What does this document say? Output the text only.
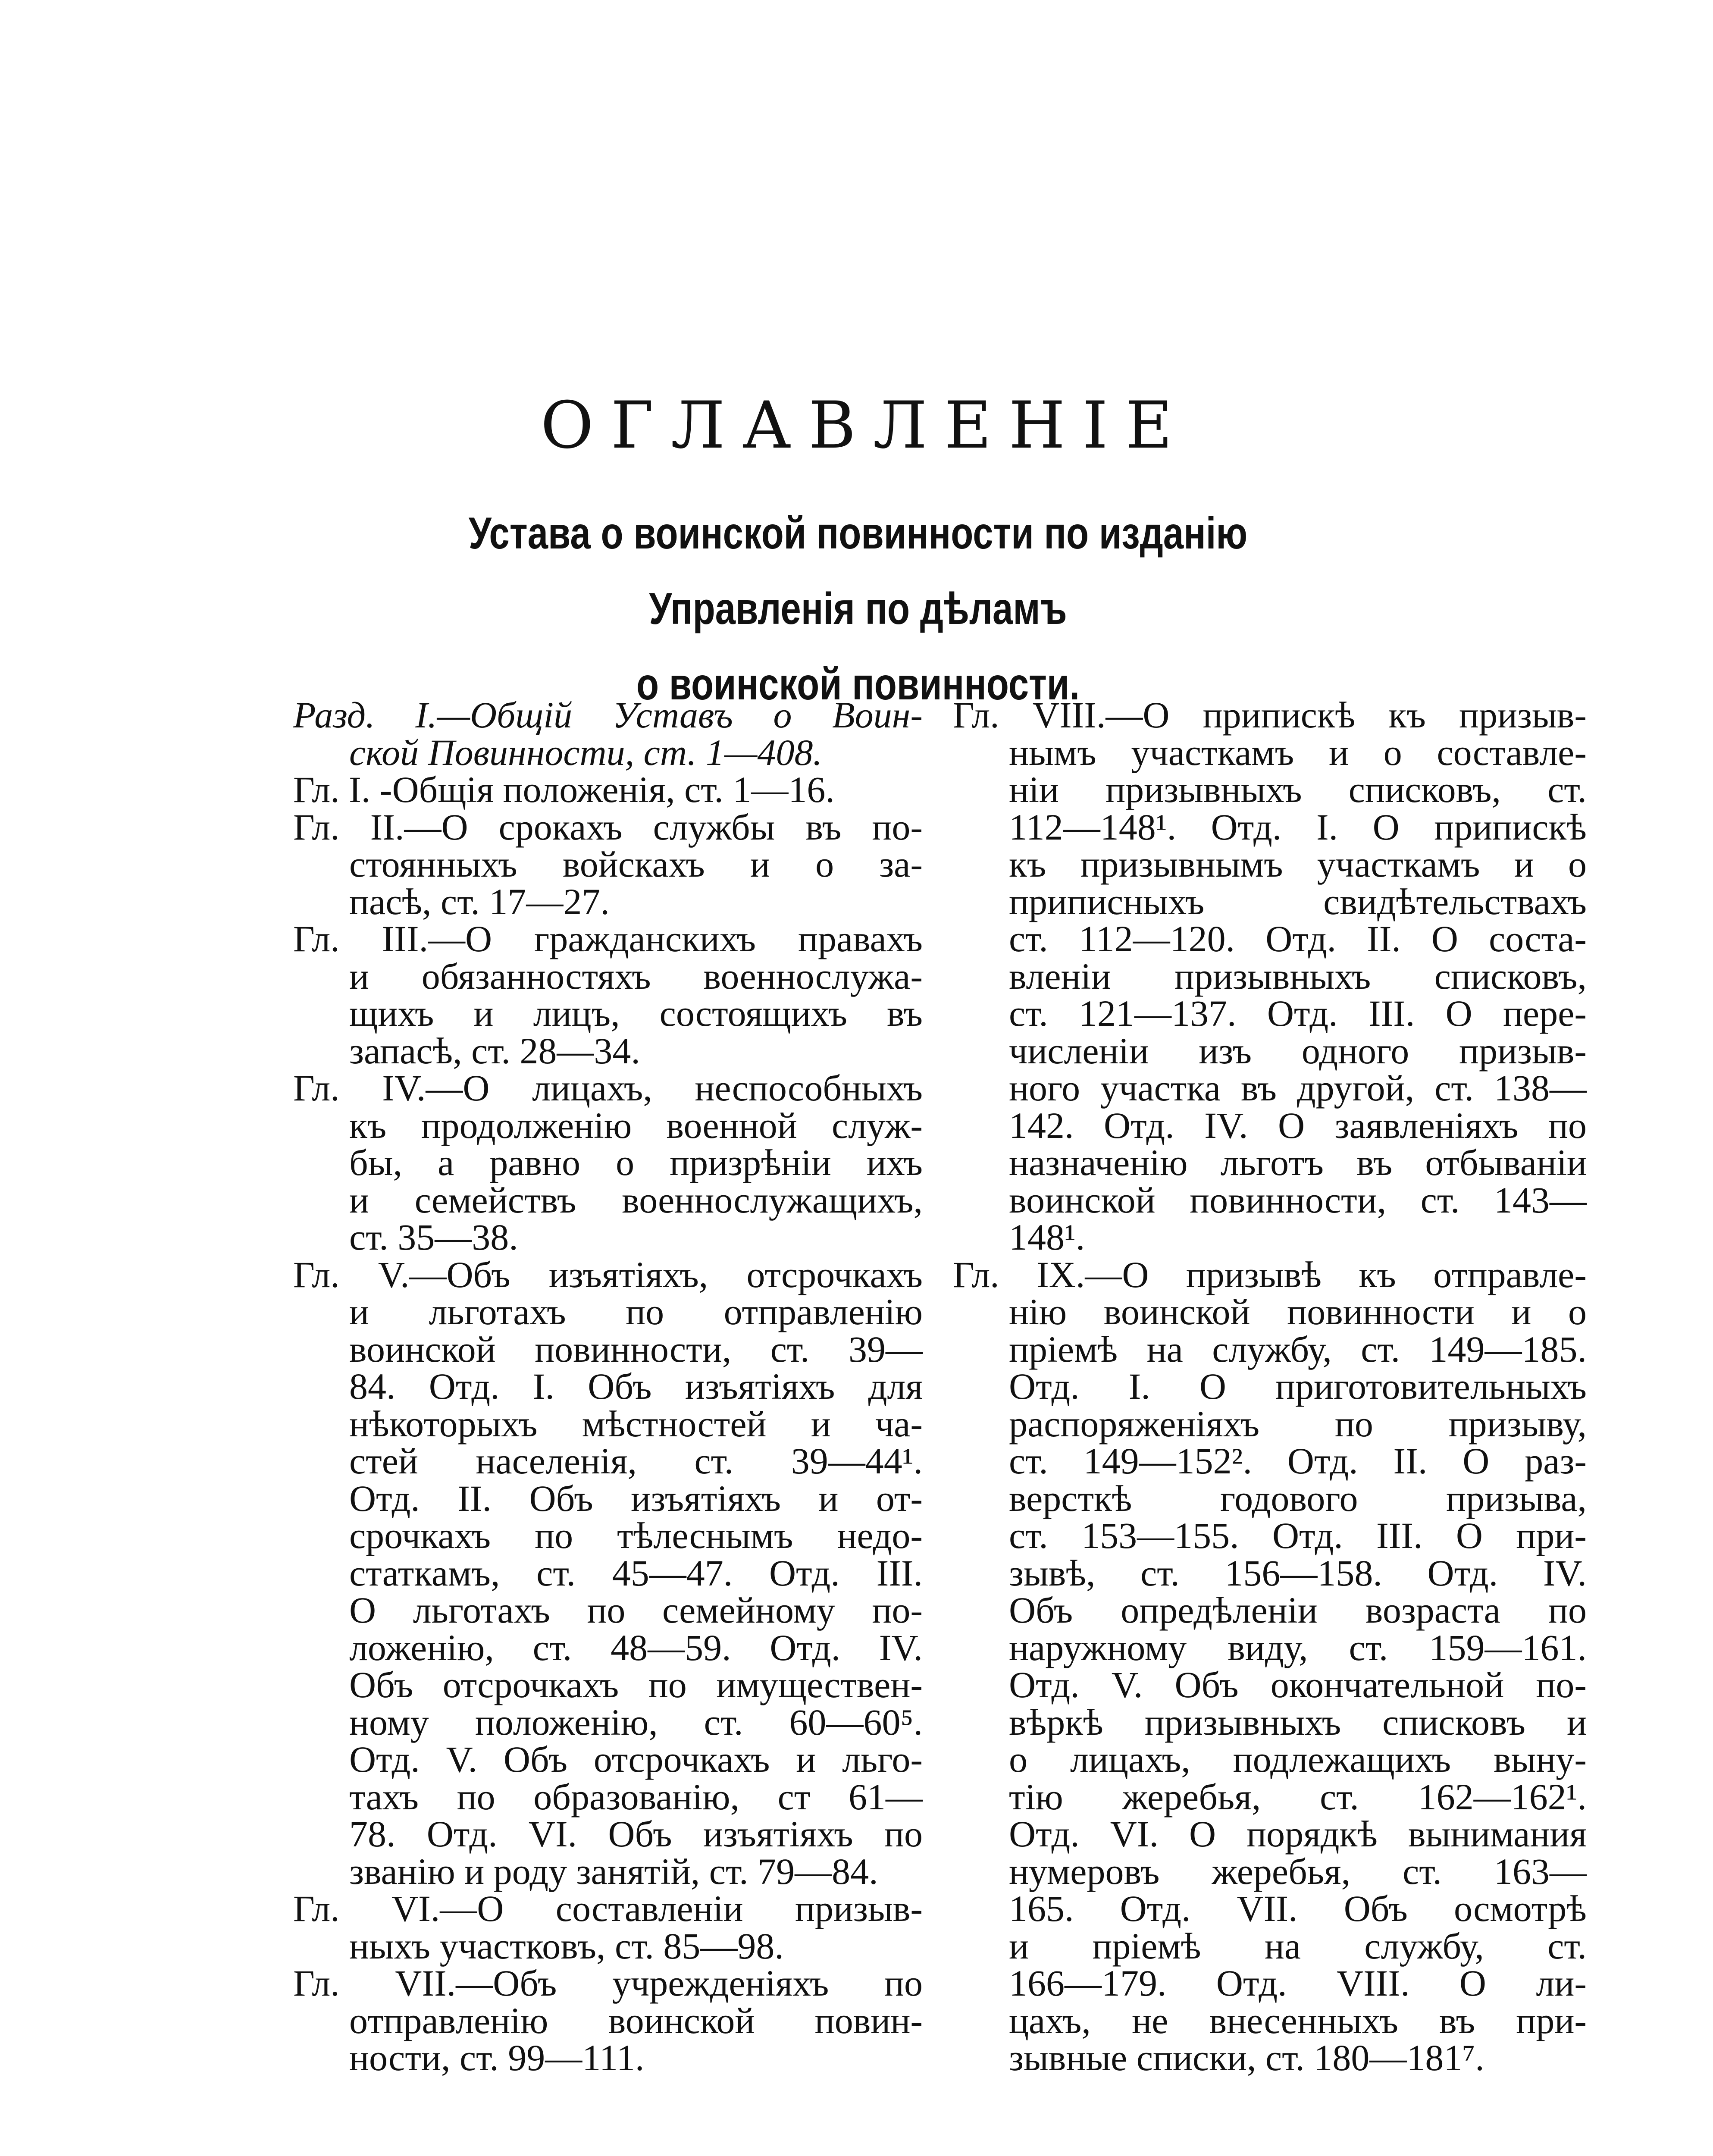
ОГЛАВЛЕНІЕ
Устава о воинской повинности по изданію Управленія по дѣламъ
о воинской повинности.

Разд. I.—Общій Уставъ о Воин-
ской Повинности, ст. 1—408.

Гл. I. -Общія положенія, ст. 1—16.

Гл. II.—О срокахъ службы въ по-
стоянныхъ войскахъ и о за-
пасѣ, ст. 17—27.

Гл. III.—О гражданскихъ правахъ
и обязанностяхъ военнослужа-
щихъ и лицъ, состоящихъ въ
запасѣ, ст. 28—34.

Гл. IV.—О лицахъ, неспособныхъ
къ продолженію военной служ-
бы, а равно о призрѣніи ихъ
и семействъ военнослужащихъ,
ст. 35—38.

Гл. V.—Объ изъятіяхъ, отсрочкахъ
и льготахъ по отправленію
воинской повинности, ст. 39—
84. Отд. I. Объ изъятіяхъ для
нѣкоторыхъ мѣстностей и ча-
стей населенія, ст. 39—44¹.
Отд. II. Объ изъятіяхъ и от-
срочкахъ по тѣлеснымъ недо-
статкамъ, ст. 45—47. Отд. III.
О льготахъ по семейному по-
ложенію, ст. 48—59. Отд. IV.
Объ отсрочкахъ по имуществен-
ному положенію, ст. 60—60⁵.
Отд. V. Объ отсрочкахъ и льго-
тахъ по образованію, ст 61—
78. Отд. VI. Объ изъятіяхъ по
званію и роду занятій, ст. 79—84.

Гл. VI.—О составленіи призыв-
ныхъ участковъ, ст. 85—98.

Гл. VII.—Объ учрежденіяхъ по
отправленію воинской повин-
ности, ст. 99—111.

Гл. VIII.—О припискѣ къ призыв-
нымъ участкамъ и о составле-
ніи призывныхъ списковъ, ст.
112—148¹. Отд. I. О припискѣ
къ призывнымъ участкамъ и о
приписныхъ свидѣтельствахъ
ст. 112—120. Отд. II. О соста-
вленіи призывныхъ списковъ,
ст. 121—137. Отд. III. О пере-
численіи изъ одного призыв-
ного участка въ другой, ст. 138—
142. Отд. IV. О заявленіяхъ по
назначенію льготъ въ отбываніи
воинской повинности, ст. 143—
148¹.

Гл. IX.—О призывѣ къ отправле-
нію воинской повинности и о
пріемѣ на службу, ст. 149—185.
Отд. I. О приготовительныхъ
распоряженіяхъ по призыву,
ст. 149—152². Отд. II. О раз-
версткѣ годового призыва,
ст. 153—155. Отд. III. О при-
зывѣ, ст. 156—158. Отд. IV.
Объ опредѣленіи возраста по
наружному виду, ст. 159—161.
Отд. V. Объ окончательной по-
вѣркѣ призывныхъ списковъ и
о лицахъ, подлежащихъ выну-
тію жеребья, ст. 162—162¹.
Отд. VI. О порядкѣ вынимания
нумеровъ жеребья, ст. 163—
165. Отд. VII. Объ осмотрѣ
и пріемѣ на службу, ст.
166—179. Отд. VIII. О ли-
цахъ, не внесенныхъ въ при-
зывные списки, ст. 180—181⁷.
